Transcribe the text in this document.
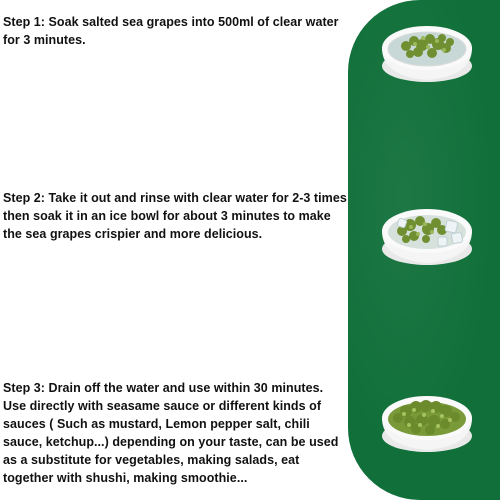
Step 1: Soak salted sea grapes into 500ml of clear water for 3 minutes.

Step 2: Take it out and rinse with clear water for 2-3 times then soak it in an ice bowl for about 3 minutes to make the sea grapes crispier and more delicious.

Step 3: Drain off the water and use within 30 minutes. Use directly with seasame sauce or different kinds of sauces ( Such as mustard, Lemon pepper salt, chili sauce, ketchup...) depending on your taste, can be used as a substitute for vegetables, making salads, eat together with shushi, making smoothie...
